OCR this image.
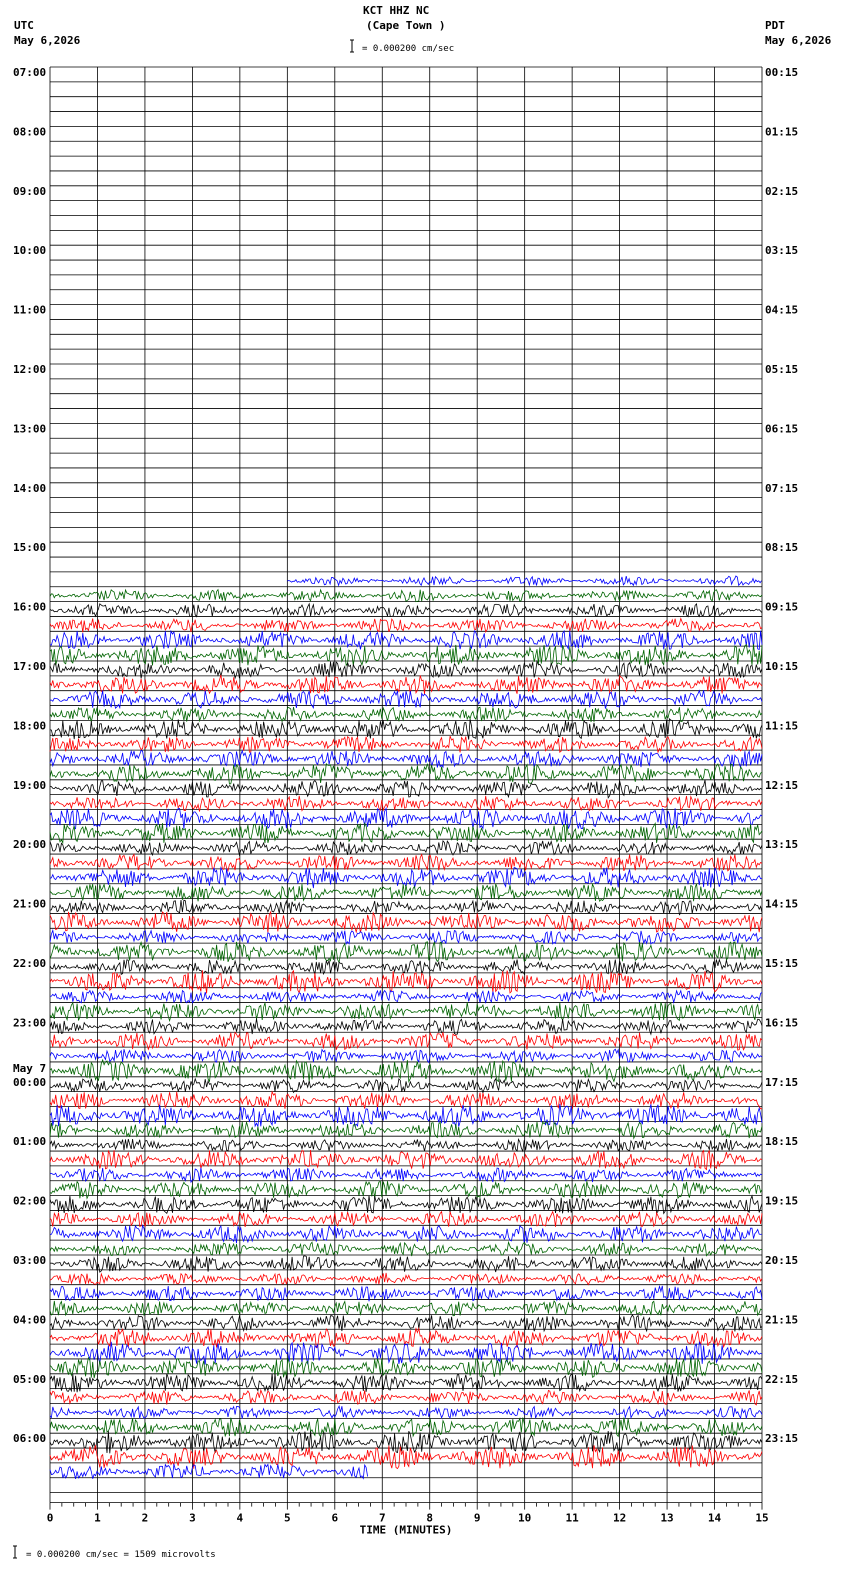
KCT HHZ NC
(Cape Town )
UTC
May 6,2026
PDT
May 6,2026
= 0.000200 cm/sec
= 0.000200 cm/sec = 1509 microvolts
0	1	2	3	4	5	6	7	8	9	10	11	12	13	14	15
TIME (MINUTES)
07:00	00:15
08:00	01:15
09:00	02:15
10:00	03:15
11:00	04:15
12:00	05:15
13:00	06:15
14:00	07:15
15:00	08:15
16:00	09:15
17:00	10:15
18:00	11:15
19:00	12:15
20:00	13:15
21:00	14:15
22:00	15:15
23:00	16:15
00:00	17:15
May 7
01:00	18:15
02:00	19:15
03:00	20:15
04:00	21:15
05:00	22:15
06:00	23:15
